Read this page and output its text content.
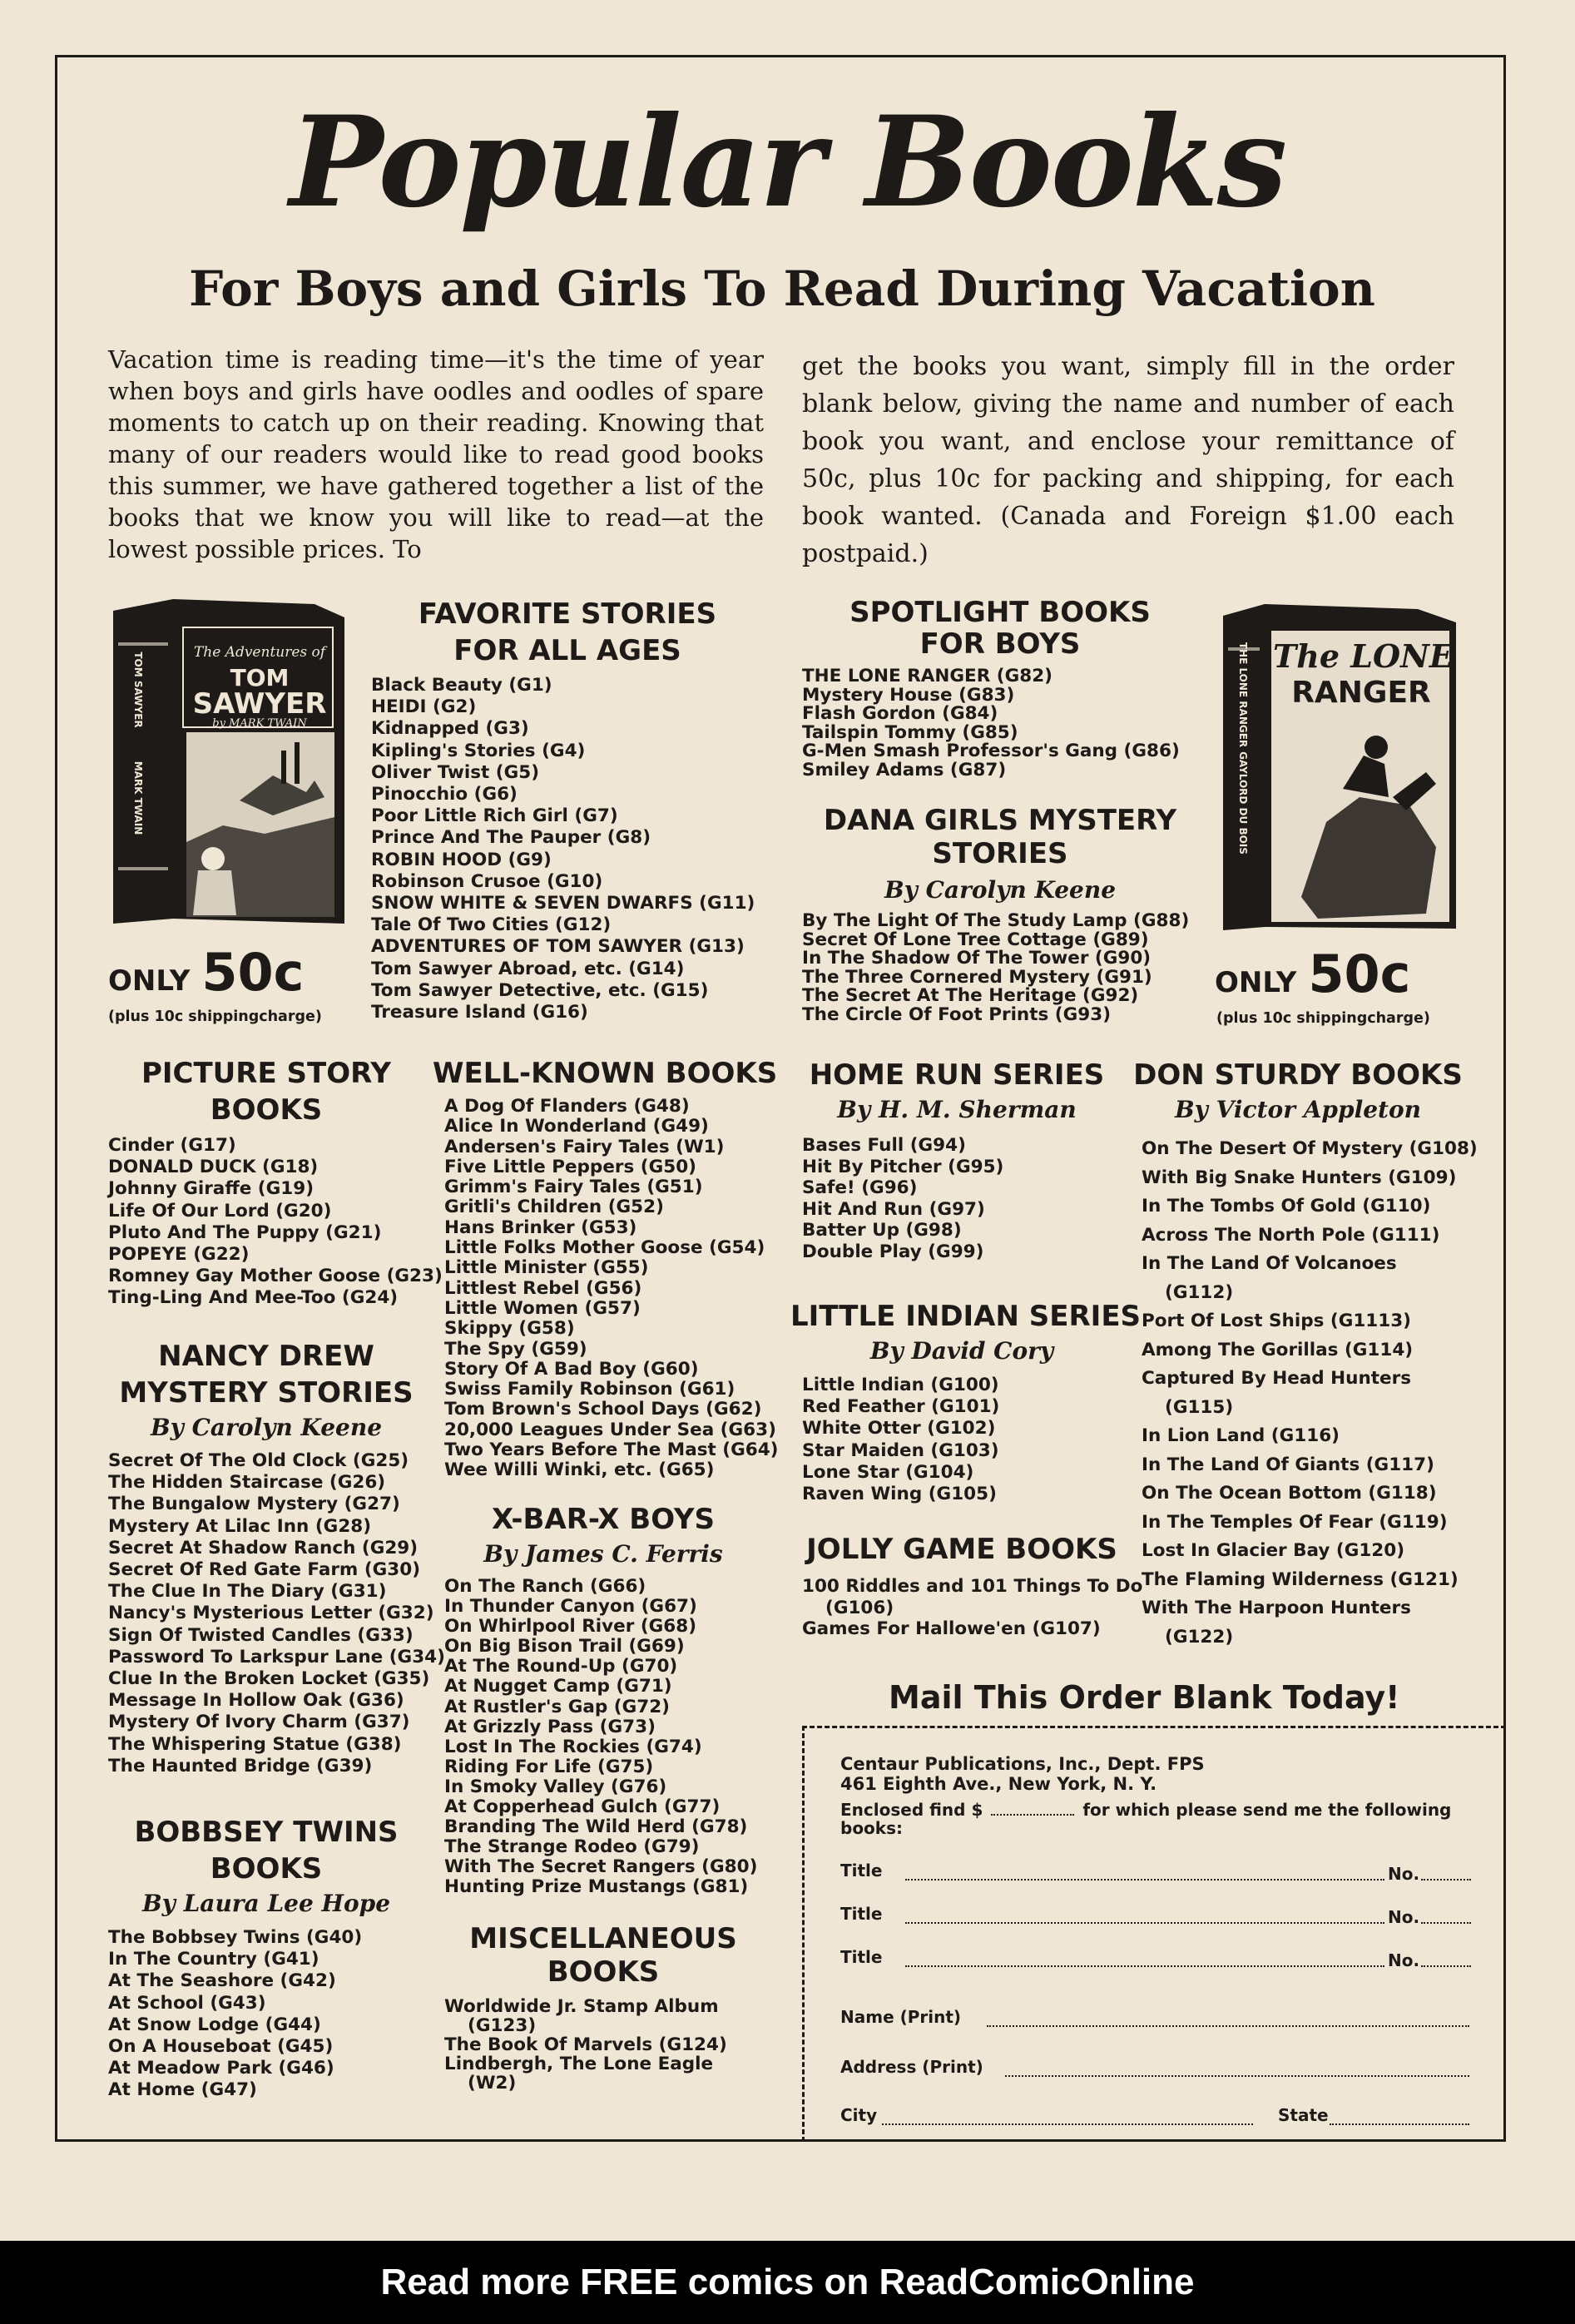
Popular Books
For Boys and Girls To Read During Vacation
Vacation time is reading time—it's the time of year when boys and girls have oodles and oodles of spare moments to catch up on their reading. Knowing that many of our readers would like to read good books this summer, we have gathered together a list of the books that we know you will like to read—at the lowest possible prices. To
get the books you want, simply fill in the order blank below, giving the name and number of each book you want, and enclose your remittance of 50c, plus 10c for packing and shipping, for each book wanted. (Canada and Foreign $1.00 each postpaid.)
The Adventures of
TOM
SAWYER
by MARK TWAIN
TOM SAWYER
MARK TWAIN
ONLY 50c
(plus 10c shippingcharge)
The LONE
RANGER
GAYLORD DU BOIS
THE LONE RANGER
ONLY 50c
(plus 10c shippingcharge)
FAVORITE STORIES
FOR ALL AGES
Black Beauty (G1)
HEIDI (G2)
Kidnapped (G3)
Kipling's Stories (G4)
Oliver Twist (G5)
Pinocchio (G6)
Poor Little Rich Girl (G7)
Prince And The Pauper (G8)
ROBIN HOOD (G9)
Robinson Crusoe (G10)
SNOW WHITE & SEVEN DWARFS (G11)
Tale Of Two Cities (G12)
ADVENTURES OF TOM SAWYER (G13)
Tom Sawyer Abroad, etc. (G14)
Tom Sawyer Detective, etc. (G15)
Treasure Island (G16)
SPOTLIGHT BOOKS
FOR BOYS
THE LONE RANGER (G82)
Mystery House (G83)
Flash Gordon (G84)
Tailspin Tommy (G85)
G-Men Smash Professor's Gang (G86)
Smiley Adams (G87)
DANA GIRLS MYSTERY
STORIES
By Carolyn Keene
By The Light Of The Study Lamp (G88)
Secret Of Lone Tree Cottage (G89)
In The Shadow Of The Tower (G90)
The Three Cornered Mystery (G91)
The Secret At The Heritage (G92)
The Circle Of Foot Prints (G93)
PICTURE STORY
BOOKS
Cinder (G17)
DONALD DUCK (G18)
Johnny Giraffe (G19)
Life Of Our Lord (G20)
Pluto And The Puppy (G21)
POPEYE (G22)
Romney Gay Mother Goose (G23)
Ting-Ling And Mee-Too (G24)
NANCY DREW
MYSTERY STORIES
By Carolyn Keene
Secret Of The Old Clock (G25)
The Hidden Staircase (G26)
The Bungalow Mystery (G27)
Mystery At Lilac Inn (G28)
Secret At Shadow Ranch (G29)
Secret Of Red Gate Farm (G30)
The Clue In The Diary (G31)
Nancy's Mysterious Letter (G32)
Sign Of Twisted Candles (G33)
Password To Larkspur Lane (G34)
Clue In the Broken Locket (G35)
Message In Hollow Oak (G36)
Mystery Of Ivory Charm (G37)
The Whispering Statue (G38)
The Haunted Bridge (G39)
BOBBSEY TWINS
BOOKS
By Laura Lee Hope
The Bobbsey Twins (G40)
In The Country (G41)
At The Seashore (G42)
At School (G43)
At Snow Lodge (G44)
On A Houseboat (G45)
At Meadow Park (G46)
At Home (G47)
WELL-KNOWN BOOKS
A Dog Of Flanders (G48)
Alice In Wonderland (G49)
Andersen's Fairy Tales (W1)
Five Little Peppers (G50)
Grimm's Fairy Tales (G51)
Gritli's Children (G52)
Hans Brinker (G53)
Little Folks Mother Goose (G54)
Little Minister (G55)
Littlest Rebel (G56)
Little Women (G57)
Skippy (G58)
The Spy (G59)
Story Of A Bad Boy (G60)
Swiss Family Robinson (G61)
Tom Brown's School Days (G62)
20,000 Leagues Under Sea (G63)
Two Years Before The Mast (G64)
Wee Willi Winki, etc. (G65)
X-BAR-X BOYS
By James C. Ferris
On The Ranch (G66)
In Thunder Canyon (G67)
On Whirlpool River (G68)
On Big Bison Trail (G69)
At The Round-Up (G70)
At Nugget Camp (G71)
At Rustler's Gap (G72)
At Grizzly Pass (G73)
Lost In The Rockies (G74)
Riding For Life (G75)
In Smoky Valley (G76)
At Copperhead Gulch (G77)
Branding The Wild Herd (G78)
The Strange Rodeo (G79)
With The Secret Rangers (G80)
Hunting Prize Mustangs (G81)
MISCELLANEOUS
BOOKS
Worldwide Jr. Stamp Album
(G123)
The Book Of Marvels (G124)
Lindbergh, The Lone Eagle
(W2)
HOME RUN SERIES
By H. M. Sherman
Bases Full (G94)
Hit By Pitcher (G95)
Safe! (G96)
Hit And Run (G97)
Batter Up (G98)
Double Play (G99)
LITTLE INDIAN SERIES
By David Cory
Little Indian (G100)
Red Feather (G101)
White Otter (G102)
Star Maiden (G103)
Lone Star (G104)
Raven Wing (G105)
JOLLY GAME BOOKS
100 Riddles and 101 Things To Do
(G106)
Games For Hallowe'en (G107)
DON STURDY BOOKS
By Victor Appleton
On The Desert Of Mystery (G108)
With Big Snake Hunters (G109)
In The Tombs Of Gold (G110)
Across The North Pole (G111)
In The Land Of Volcanoes
(G112)
Port Of Lost Ships (G1113)
Among The Gorillas (G114)
Captured By Head Hunters
(G115)
In Lion Land (G116)
In The Land Of Giants (G117)
On The Ocean Bottom (G118)
In The Temples Of Fear (G119)
Lost In Glacier Bay (G120)
The Flaming Wilderness (G121)
With The Harpoon Hunters
(G122)
Mail This Order Blank Today!
Centaur Publications, Inc., Dept. FPS
461 Eighth Ave., New York, N. Y.
Enclosed find $	for which please send me the following books:
Title	No.
Title	No.
Title	No.
Name (Print)
Address (Print)
City	State
Read more FREE comics on ReadComicOnline
